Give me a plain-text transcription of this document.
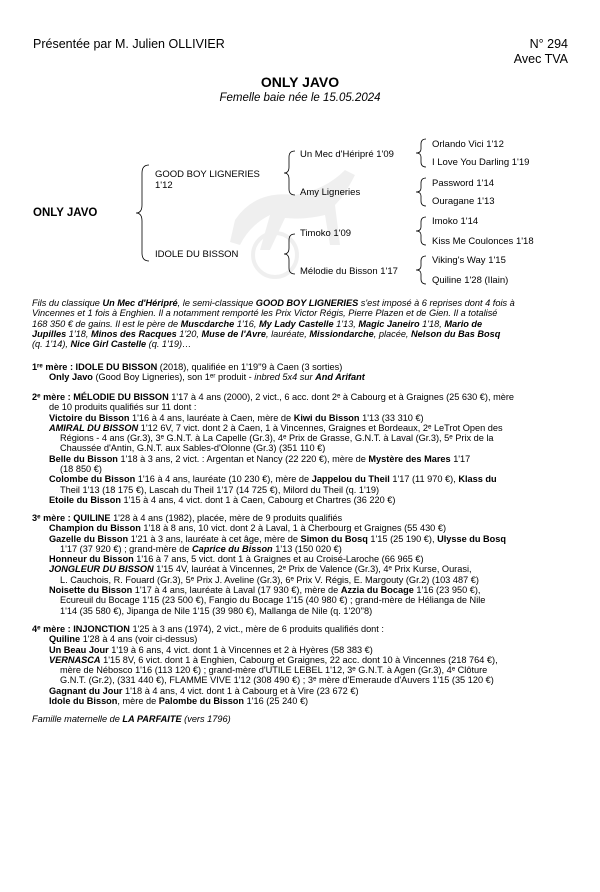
Présentée par M. Julien OLLIVIER	N° 294
Avec TVA
ONLY JAVO
Femelle baie née le 15.05.2024
ONLY JAVO
GOOD BOY LIGNERIES
1'12
IDOLE DU BISSON
Un Mec d'Héripré 1'09
Amy Ligneries
Timoko 1'09
Mélodie du Bisson 1'17
Orlando Vici 1'12
I Love You Darling 1'19
Password 1'14
Ouragane 1'13
Imoko 1'14
Kiss Me Coulonces 1'18
Viking's Way 1'15
Quiline 1'28 (Ilain)

Fils du classique Un Mec d'Héripré, le semi-classique GOOD BOY LIGNERIES s'est imposé à 6 reprises dont 4 fois à

Vincennes et 1 fois à Enghien. Il a notamment remporté les Prix Victor Régis, Pierre Plazen et de Gien. Il a totalisé

168 350 € de gains. Il est le père de Muscdarche 1'16, My Lady Castelle 1'13, Magic Janeiro 1'18, Mario de

Jupilles 1'18, Minos des Racques 1'20, Muse de l'Avre, lauréate, Missiondarche, placée, Nelson du Bas Bosq

(q. 1'14), Nice Girl Castelle (q. 1'19)…

1ʳᵉ mère : IDOLE DU BISSON (2018), qualifiée en 1'19''9 à Caen (3 sorties)

Only Javo (Good Boy Ligneries), son 1ᵉʳ produit - inbred 5x4 sur And Arifant

2ᵉ mère : MÉLODIE DU BISSON 1'17 à 4 ans (2000), 2 vict., 6 acc. dont 2ᵉ à Cabourg et à Graignes (25 630 €), mère

de 10 produits qualifiés sur 11 dont :

Victoire du Bisson 1'16 à 4 ans, lauréate à Caen, mère de Kiwi du Bisson 1'13 (33 310 €)

AMIRAL DU BISSON 1'12 6V, 7 vict. dont 2 à Caen, 1 à Vincennes, Graignes et Bordeaux, 2ᵉ LeTrot Open des

Régions - 4 ans (Gr.3), 3ᵉ G.N.T. à La Capelle (Gr.3), 4ᵉ Prix de Grasse, G.N.T. à Laval (Gr.3), 5ᵉ Prix de la

Chaussée d'Antin, G.N.T. aux Sables-d'Olonne (Gr.3) (351 110 €)

Belle du Bisson 1'18 à 3 ans, 2 vict. : Argentan et Nancy (22 220 €), mère de Mystère des Mares 1'17

(18 850 €)

Colombe du Bisson 1'16 à 4 ans, lauréate (10 230 €), mère de Jappelou du Theil 1'17 (11 970 €), Klass du

Theil 1'13 (18 175 €), Lascah du Theil 1'17 (14 725 €), Milord du Theil (q. 1'19)

Etoile du Bisson 1'15 à 4 ans, 4 vict. dont 1 à Caen, Cabourg et Chartres (36 220 €)

3ᵉ mère : QUILINE 1'28 à 4 ans (1982), placée, mère de 9 produits qualifiés

Champion du Bisson 1'18 à 8 ans, 10 vict. dont 2 à Laval, 1 à Cherbourg et Graignes (55 430 €)

Gazelle du Bisson 1'21 à 3 ans, lauréate à cet âge, mère de Simon du Bosq 1'15 (25 190 €), Ulysse du Bosq

1'17 (37 920 €) ; grand-mère de Caprice du Bisson 1'13 (150 020 €)

Honneur du Bisson 1'16 à 7 ans, 5 vict. dont 1 à Graignes et au Croisé-Laroche (66 965 €)

JONGLEUR DU BISSON 1'15 4V, lauréat à Vincennes, 2ᵉ Prix de Valence (Gr.3), 4ᵉ Prix Kurse, Ourasi,

L. Cauchois, R. Fouard (Gr.3), 5ᵉ Prix J. Aveline (Gr.3), 6ᵉ Prix V. Régis, E. Margouty (Gr.2) (103 487 €)

Noisette du Bisson 1'17 à 4 ans, lauréate à Laval (17 930 €), mère de Azzia du Bocage 1'16 (23 950 €),

Ecureuil du Bocage 1'15 (23 500 €), Fangio du Bocage 1'15 (40 980 €) ; grand-mère de Hélianga de Nile

1'14 (35 580 €), Jipanga de Nile 1'15 (39 980 €), Mallanga de Nile (q. 1'20''8)

4ᵉ mère : INJONCTION 1'25 à 3 ans (1974), 2 vict., mère de 6 produits qualifiés dont :

Quiline 1'28 à 4 ans (voir ci-dessus)

Un Beau Jour 1'19 à 6 ans, 4 vict. dont 1 à Vincennes et 2 à Hyères (58 383 €)

VERNASCA 1'15 8V, 6 vict. dont 1 à Enghien, Cabourg et Graignes, 22 acc. dont 10 à Vincennes (218 764 €),

mère de Nébosco 1'16 (113 120 €) ; grand-mère d'UTILE LEBEL 1'12, 3ᵉ G.N.T. à Agen (Gr.3), 4ᵉ Clôture

G.N.T. (Gr.2), (331 440 €), FLAMME VIVE 1'12 (308 490 €) ; 3ᵉ mère d'Emeraude d'Auvers 1'15 (35 120 €)

Gagnant du Jour 1'18 à 4 ans, 4 vict. dont 1 à Cabourg et à Vire (23 672 €)

Idole du Bisson, mère de Palombe du Bisson 1'16 (25 240 €)

Famille maternelle de LA PARFAITE (vers 1796)
